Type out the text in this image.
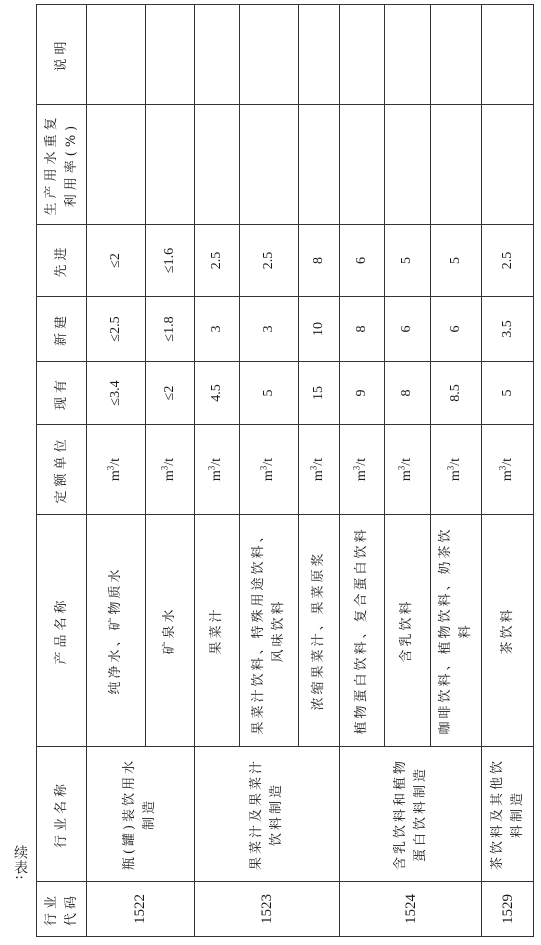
续表:
行业代码	行业名称	产品名称	定额单位	现有	新建	先进	生产用水重复利用率(%)	说明
1522	瓶(罐)装饮用水制造	纯净水、矿物质水	$m^3/t$	≤3.4	≤2.5	≤2		
		矿泉水	$m^3/t$	≤2	≤1.8	≤1.6		
1523	果菜汁及果菜汁饮料制造	果菜汁	$m^3/t$	4.5	3	2.5		
		果菜汁饮料、特殊用途饮料、风味饮料	$m^3/t$	5	3	2.5		
		浓缩果菜汁、果菜原浆	$m^3/t$	15	10	8		
1524	含乳饮料和植物蛋白饮料制造	植物蛋白饮料、复合蛋白饮料	$m^3/t$	9	8	6		
		含乳饮料	$m^3/t$	8	6	5		
		咖啡饮料、植物饮料、奶茶饮料	$m^3/t$	8.5	6	5		
1529	茶饮料及其他饮料制造	茶饮料	$m^3/t$	5	3.5	2.5		
